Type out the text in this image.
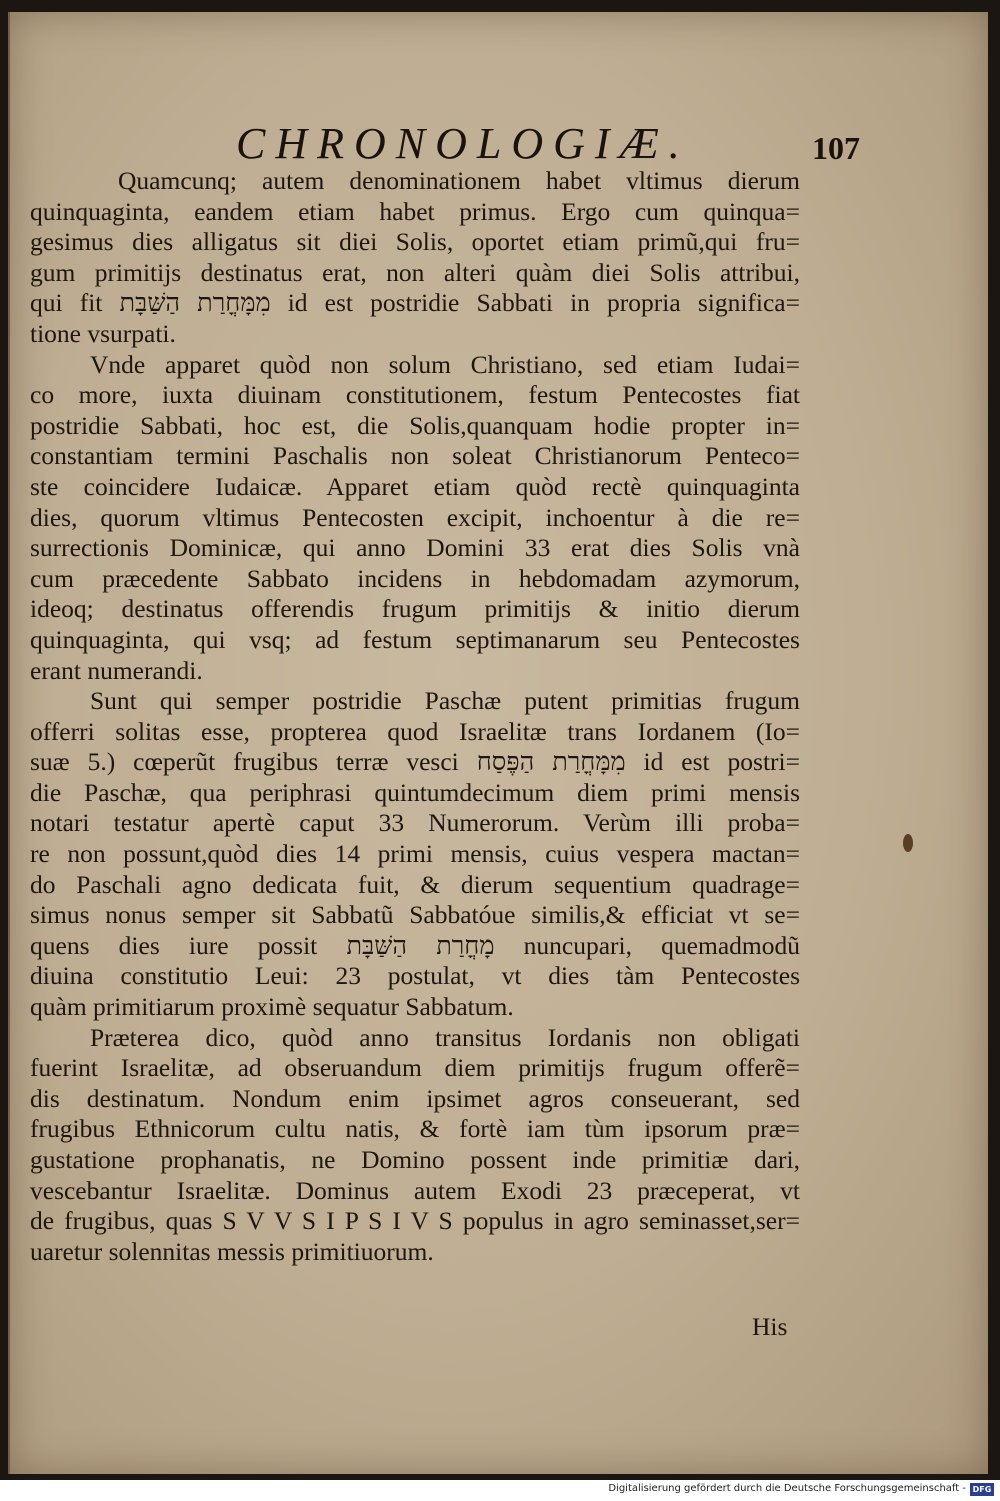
CHRONOLOGIÆ.	107
Quamcunq; autem denominationem habet vltimus dierum
quinquaginta, eandem etiam habet primus. Ergo cum quinqua=
gesimus dies alligatus sit diei Solis, oportet etiam primũ,qui fru=
gum primitijs destinatus erat, non alteri quàm diei Solis attribui,
qui fit מִמָּחֳרַת הַשַּׁבָּת id est postridie Sabbati in propria significa=
tione vsurpati.
Vnde apparet quòd non solum Christiano, sed etiam Iudai=
co more, iuxta diuinam constitutionem, festum Pentecostes fiat
postridie Sabbati, hoc est, die Solis,quanquam hodie propter in=
constantiam termini Paschalis non soleat Christianorum Penteco=
ste coincidere Iudaicæ. Apparet etiam quòd rectè quinquaginta
dies, quorum vltimus Pentecosten excipit, inchoentur à die re=
surrectionis Dominicæ, qui anno Domini 33 erat dies Solis vnà
cum præcedente Sabbato incidens in hebdomadam azymorum,
ideoq; destinatus offerendis frugum primitijs & initio dierum
quinquaginta, qui vsq; ad festum septimanarum seu Pentecostes
erant numerandi.
Sunt qui semper postridie Paschæ putent primitias frugum
offerri solitas esse, propterea quod Israelitæ trans Iordanem (Io=
suæ 5.) cœperũt frugibus terræ vesci מִמָּחֳרַת הַפֶּסַח id est postri=
die Paschæ, qua periphrasi quintumdecimum diem primi mensis
notari testatur apertè caput 33 Numerorum. Verùm illi proba=
re non possunt,quòd dies 14 primi mensis, cuius vespera mactan=
do Paschali agno dedicata fuit, & dierum sequentium quadrage=
simus nonus semper sit Sabbatũ Sabbatóue similis,& efficiat vt se=
quens dies iure possit מָחֳרַת הַשַּׁבָּת nuncupari, quemadmodũ
diuina constitutio Leui: 23 postulat, vt dies tàm Pentecostes
quàm primitiarum proximè sequatur Sabbatum.
Præterea dico, quòd anno transitus Iordanis non obligati
fuerint Israelitæ, ad obseruandum diem primitijs frugum offerẽ=
dis destinatum. Nondum enim ipsimet agros conseuerant, sed
frugibus Ethnicorum cultu natis, & fortè iam tùm ipsorum præ=
gustatione prophanatis, ne Domino possent inde primitiæ dari,
vescebantur Israelitæ. Dominus autem Exodi 23 præceperat, vt
de frugibus, quas S V V S I P S I V S populus in agro seminasset,ser=
uaretur solennitas messis primitiuorum.
His
Digitalisierung gefördert durch die Deutsche Forschungsgemeinschaft - DFG
